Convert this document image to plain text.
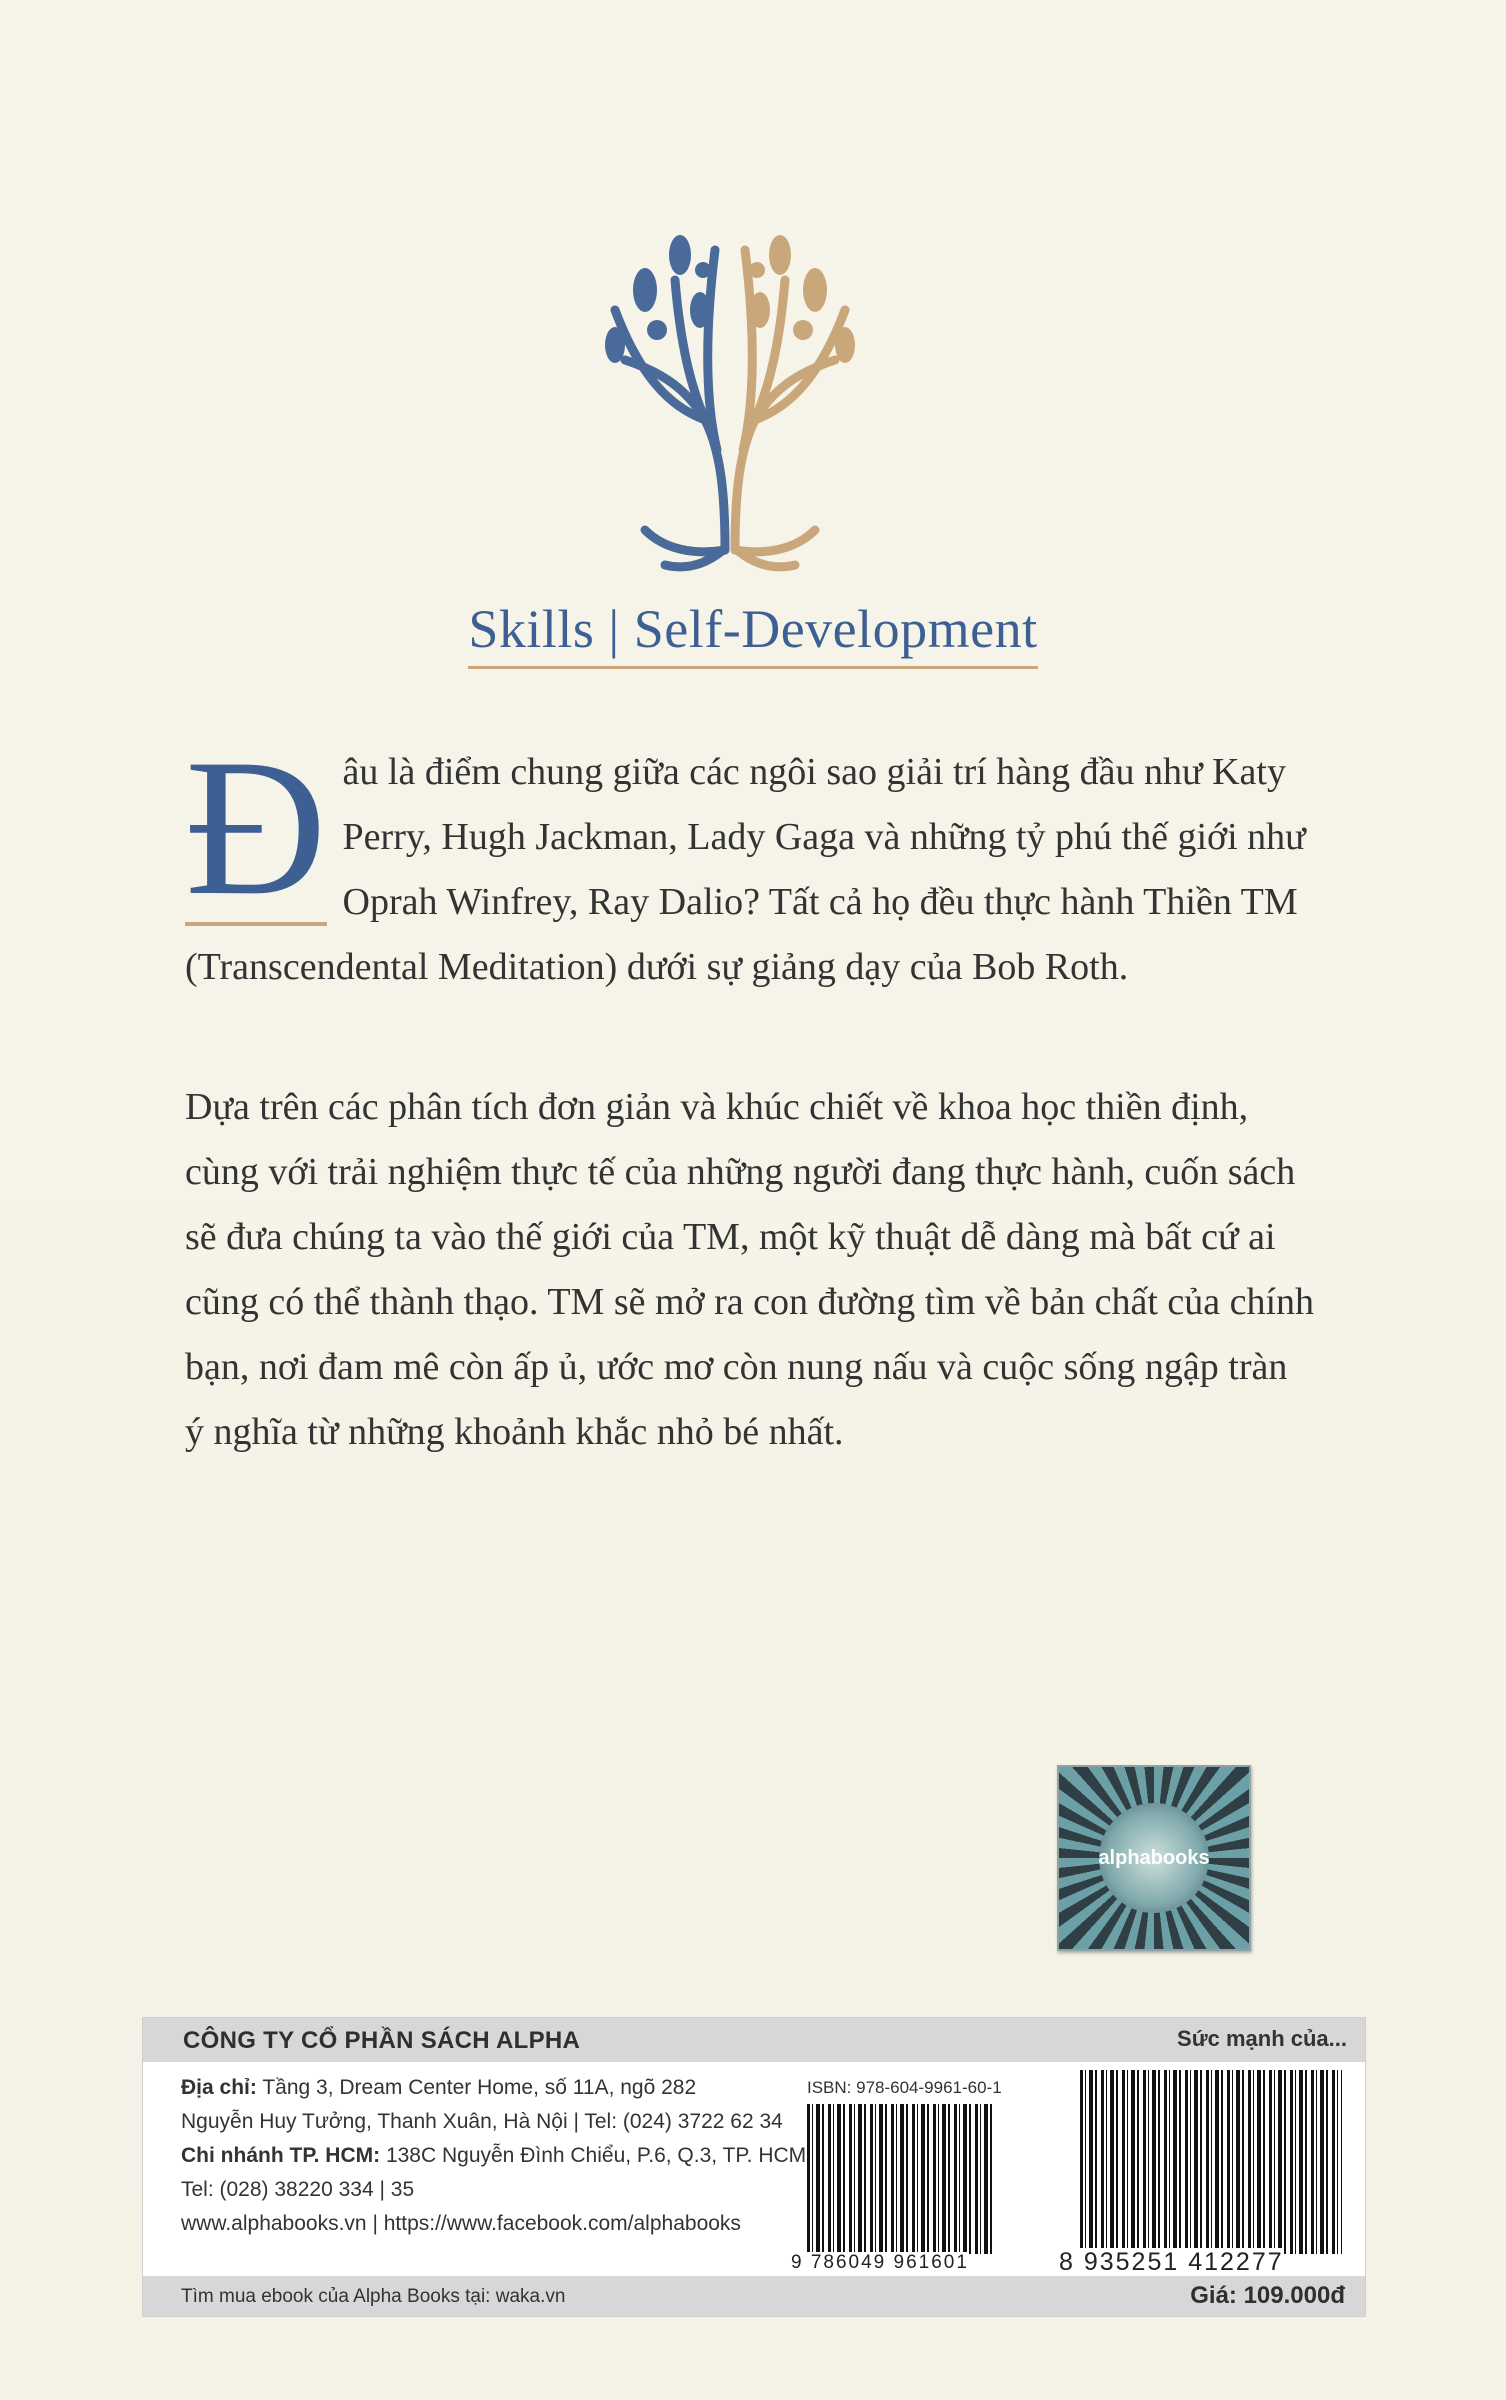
Skills | Self-Development
Đ âu là điểm chung giữa các ngôi sao giải trí hàng đầu như Katy Perry, Hugh Jackman, Lady Gaga và những tỷ phú thế giới như Oprah Winfrey, Ray Dalio? Tất cả họ đều thực hành Thiền TM (Transcendental Meditation) dưới sự giảng dạy của Bob Roth.
Dựa trên các phân tích đơn giản và khúc chiết về khoa học thiền định, cùng với trải nghiệm thực tế của những người đang thực hành, cuốn sách sẽ đưa chúng ta vào thế giới của TM, một kỹ thuật dễ dàng mà bất cứ ai cũng có thể thành thạo. TM sẽ mở ra con đường tìm về bản chất của chính bạn, nơi đam mê còn ấp ủ, ước mơ còn nung nấu và cuộc sống ngập tràn ý nghĩa từ những khoảnh khắc nhỏ bé nhất.
alphabooks
CÔNG TY CỔ PHẦN SÁCH ALPHA	Sức mạnh của...
Địa chỉ: Tầng 3, Dream Center Home, số 11A, ngõ 282
Nguyễn Huy Tưởng, Thanh Xuân, Hà Nội | Tel: (024) 3722 62 34
Chi nhánh TP. HCM: 138C Nguyễn Đình Chiểu, P.6, Q.3, TP. HCM
Tel: (028) 38220 334 | 35
www.alphabooks.vn | https://www.facebook.com/alphabooks
ISBN: 978-604-9961-60-1
9 786049 961601	8 935251 412277
Tìm mua ebook của Alpha Books tại: waka.vn	Giá: 109.000đ
